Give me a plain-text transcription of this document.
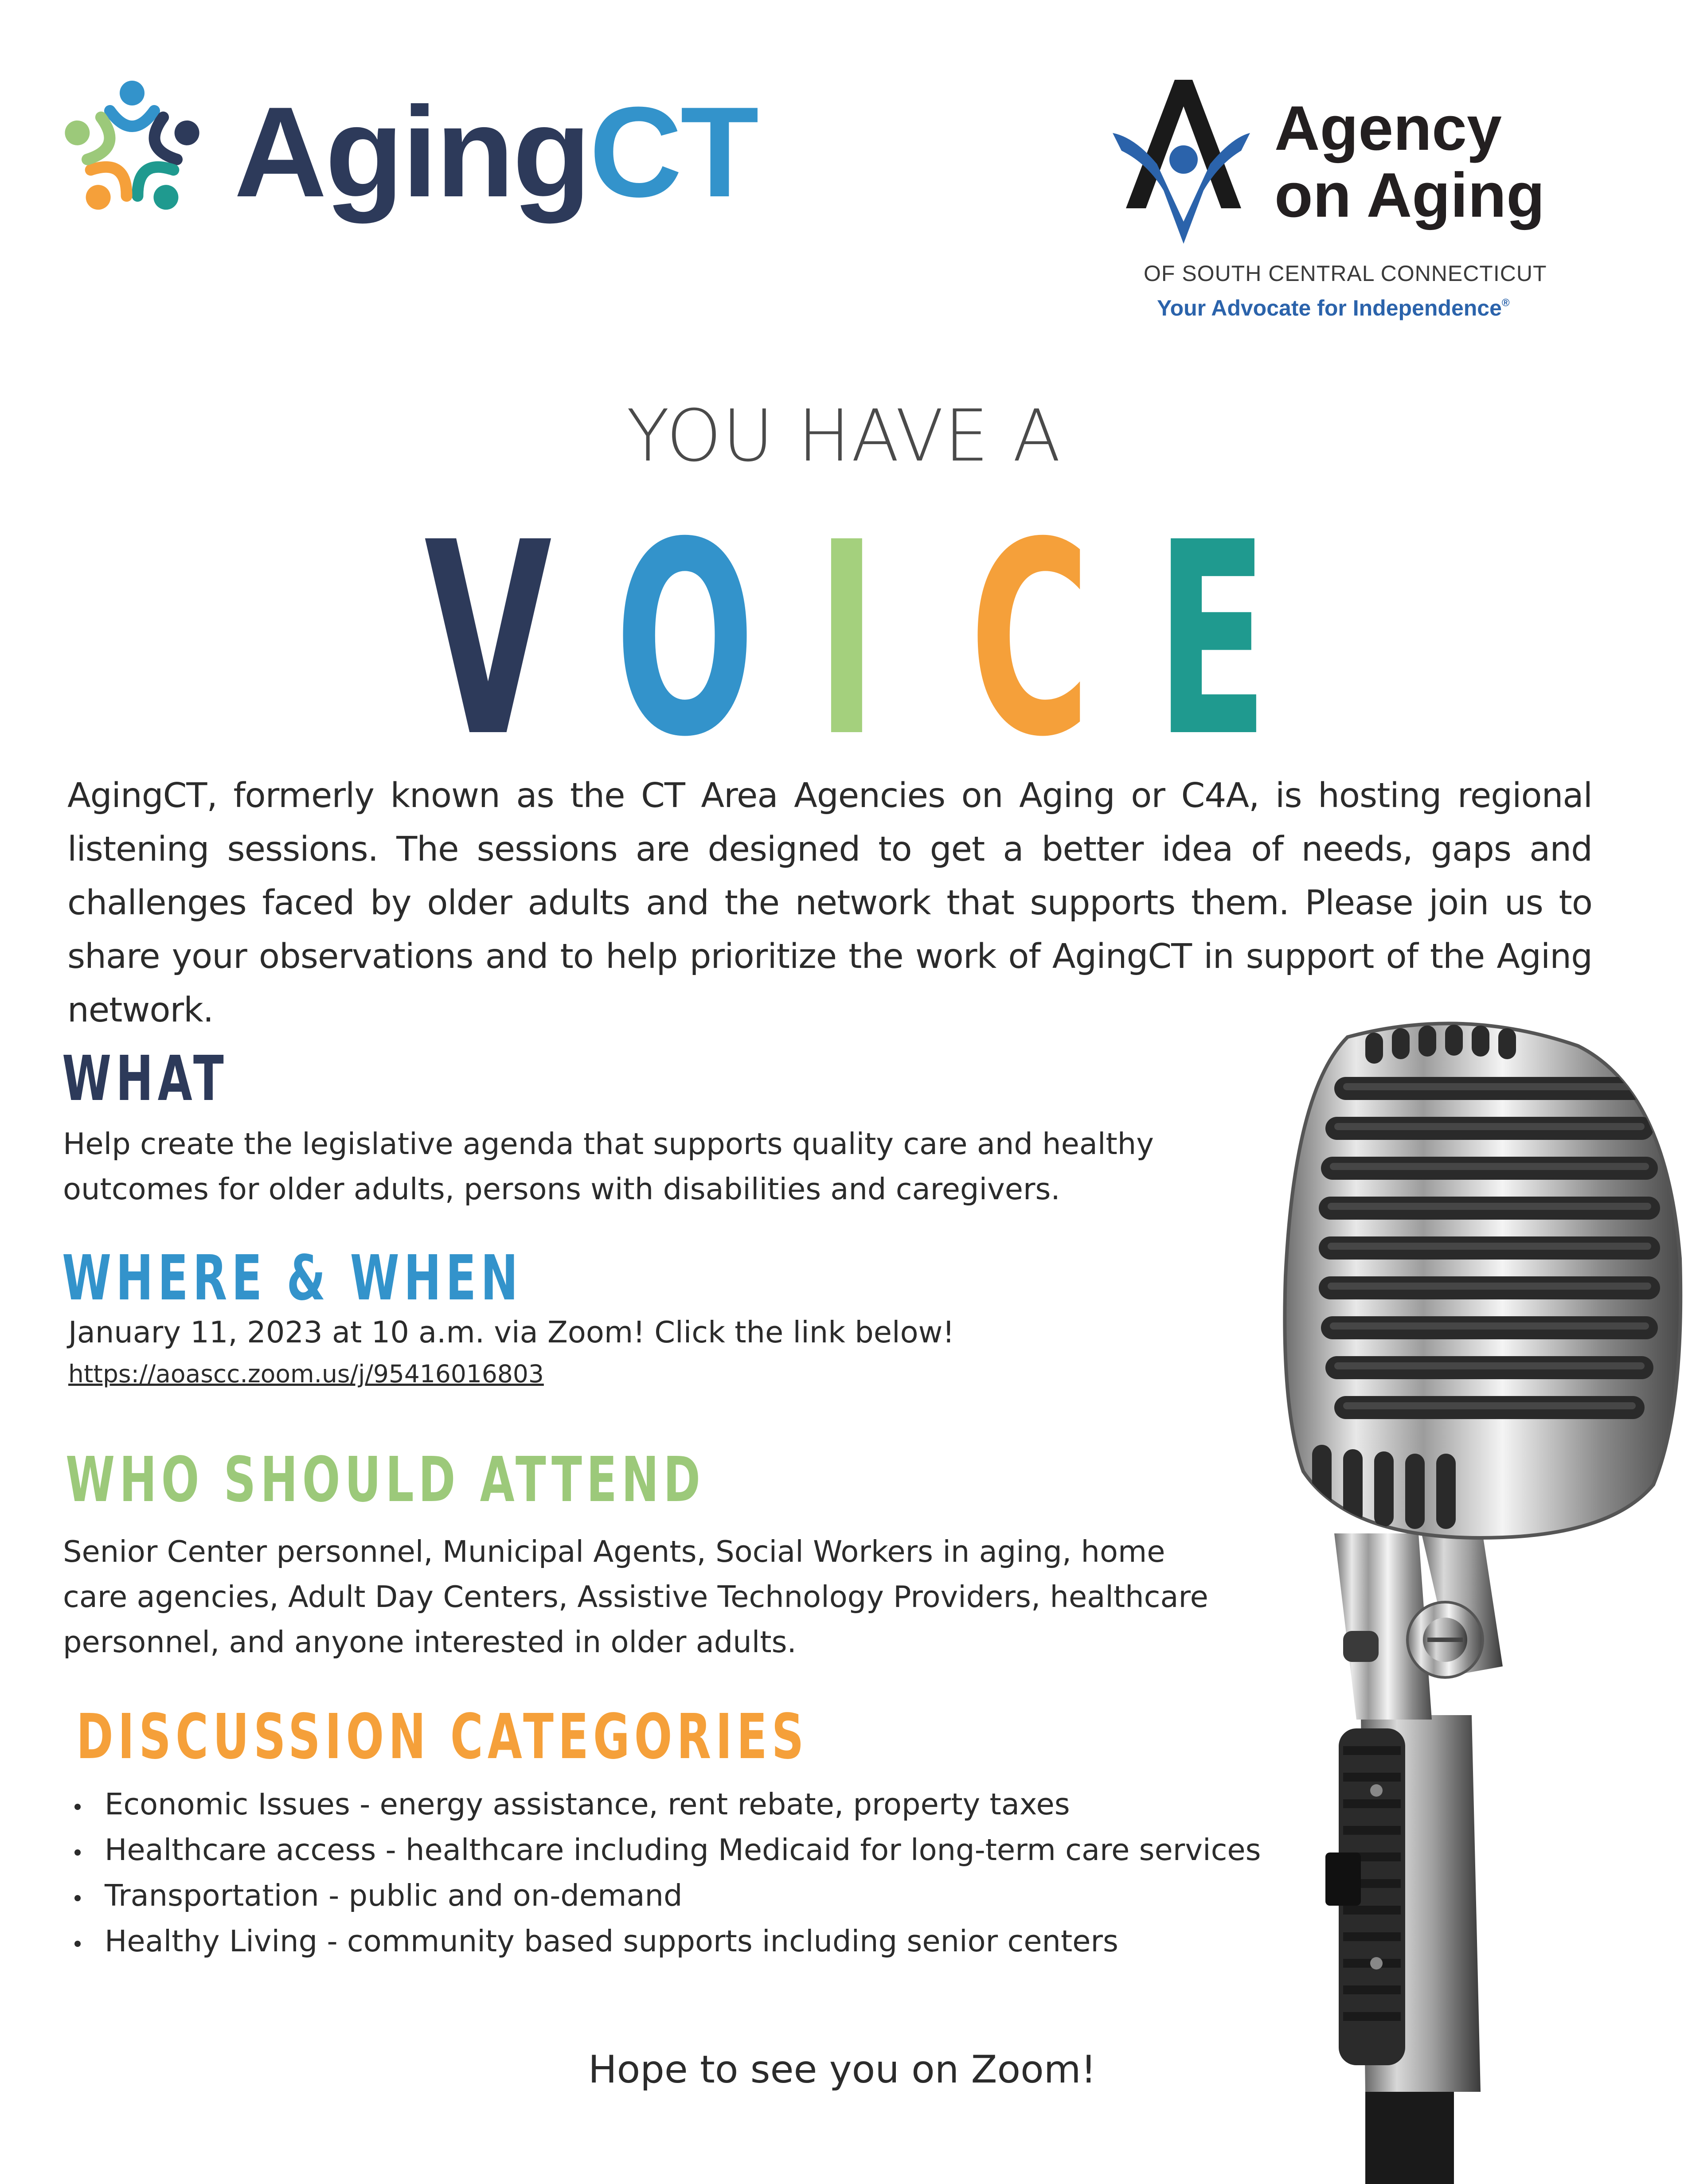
AgingCT	Agency
on Aging
OF SOUTH CENTRAL CONNECTICUT
Your Advocate for Independence®
YOU HAVE A
V O I C E
AgingCT, formerly known as the CT Area Agencies on Aging or C4A, is hosting regional listening sessions. The sessions are designed to get a better idea of needs, gaps and challenges faced by older adults and the network that supports them. Please join us to share your observations and to help prioritize the work of AgingCT in support of the Aging network.
WHAT
Help create the legislative agenda that supports quality care and healthy outcomes for older adults, persons with disabilities and caregivers.
WHERE & WHEN
January 11, 2023 at 10 a.m. via Zoom! Click the link below!
https://aoascc.zoom.us/j/95416016803
WHO SHOULD ATTEND
Senior Center personnel, Municipal Agents, Social Workers in aging, home care agencies, Adult Day Centers, Assistive Technology Providers, healthcare personnel, and anyone interested in older adults.
DISCUSSION CATEGORIES
Economic Issues - energy assistance, rent rebate, property taxes
Healthcare access - healthcare including Medicaid for long-term care services
Transportation - public and on-demand
Healthy Living - community based supports including senior centers
Hope to see you on Zoom!
